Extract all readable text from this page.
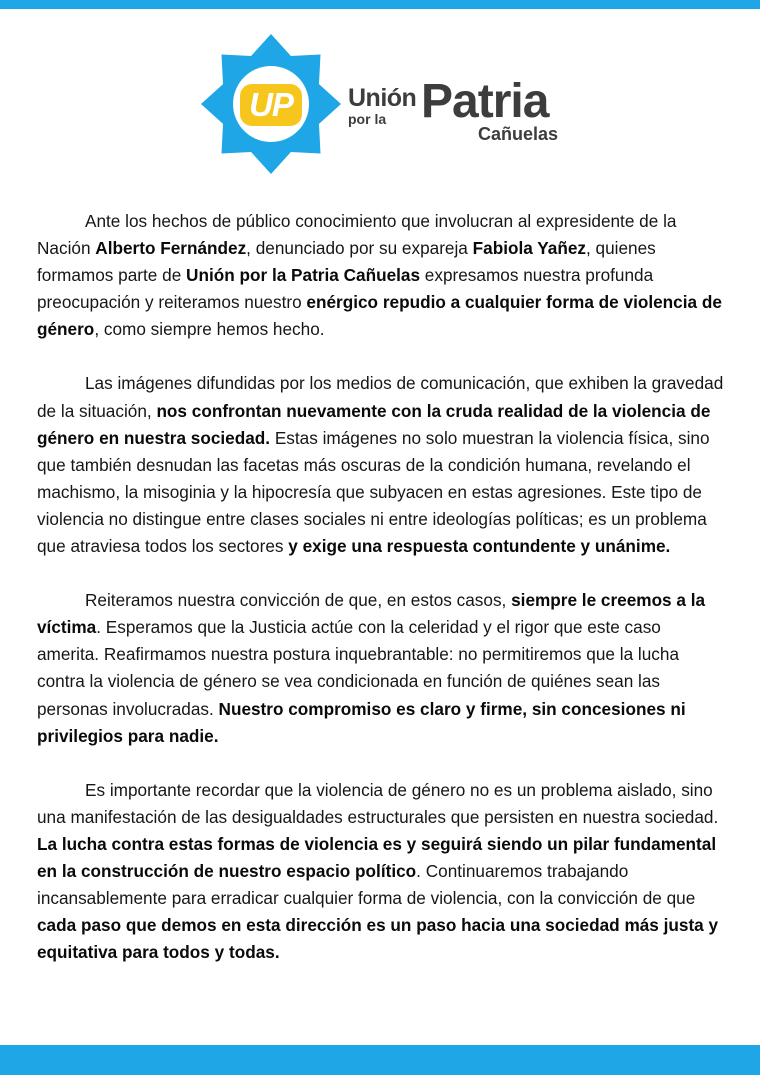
UP	Unión
por la Patria
Cañuelas

Ante los hechos de público conocimiento que involucran al expresidente de la Nación Alberto Fernández, denunciado por su expareja Fabiola Yañez, quienes formamos parte de Unión por la Patria Cañuelas expresamos nuestra profunda preocupación y reiteramos nuestro enérgico repudio a cualquier forma de violencia de género, como siempre hemos hecho.

Las imágenes difundidas por los medios de comunicación, que exhiben la gravedad de la situación, nos confrontan nuevamente con la cruda realidad de la violencia de género en nuestra sociedad. Estas imágenes no solo muestran la violencia física, sino que también desnudan las facetas más oscuras de la condición humana, revelando el machismo, la misoginia y la hipocresía que subyacen en estas agresiones. Este tipo de violencia no distingue entre clases sociales ni entre ideologías políticas; es un problema que atraviesa todos los sectores y exige una respuesta contundente y unánime.

Reiteramos nuestra convicción de que, en estos casos, siempre le creemos a la víctima. Esperamos que la Justicia actúe con la celeridad y el rigor que este caso amerita. Reafirmamos nuestra postura inquebrantable: no permitiremos que la lucha contra la violencia de género se vea condicionada en función de quiénes sean las personas involucradas. Nuestro compromiso es claro y firme, sin concesiones ni privilegios para nadie.

Es importante recordar que la violencia de género no es un problema aislado, sino una manifestación de las desigualdades estructurales que persisten en nuestra sociedad. La lucha contra estas formas de violencia es y seguirá siendo un pilar fundamental en la construcción de nuestro espacio político. Continuaremos trabajando incansablemente para erradicar cualquier forma de violencia, con la convicción de que cada paso que demos en esta dirección es un paso hacia una sociedad más justa y equitativa para todos y todas.
